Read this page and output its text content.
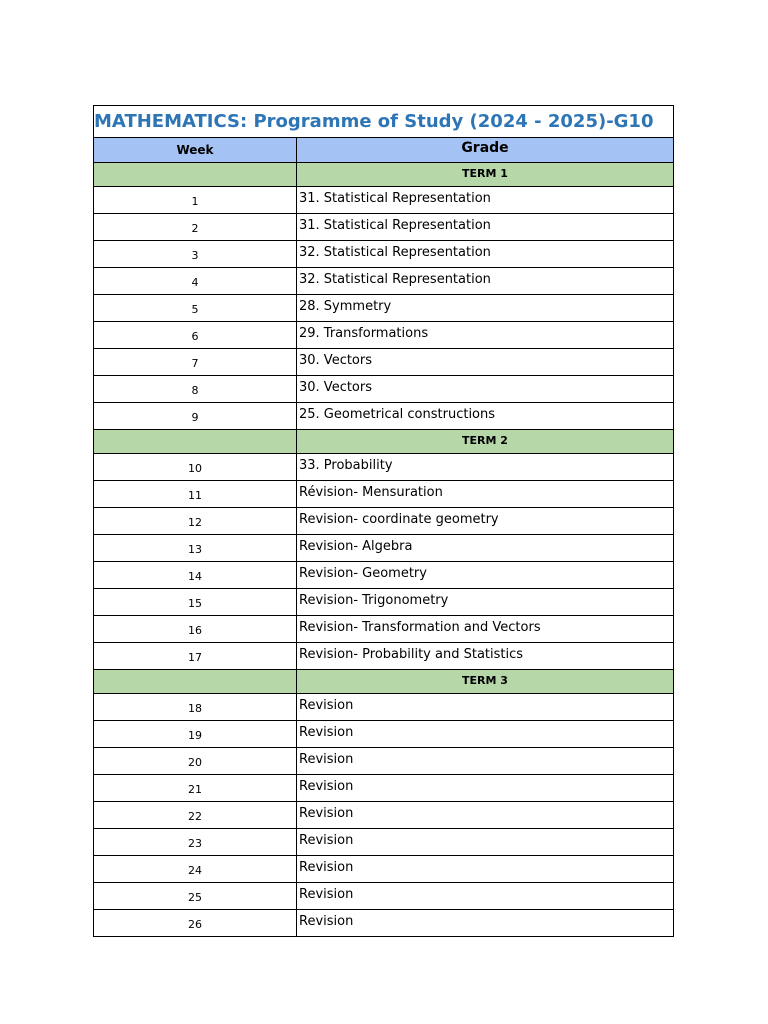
MATHEMATICS: Programme of Study (2024 - 2025)-G10
Week	Grade
TERM 1
1	31. Statistical Representation
2	31. Statistical Representation
3	32. Statistical Representation
4	32. Statistical Representation
5	28. Symmetry
6	29. Transformations
7	30. Vectors
8	30. Vectors
9	25. Geometrical constructions
TERM 2
10	33. Probability
11	Révision- Mensuration
12	Revision- coordinate geometry
13	Revision- Algebra
14	Revision- Geometry
15	Revision- Trigonometry
16	Revision- Transformation and Vectors
17	Revision- Probability and Statistics
TERM 3
18	Revision
19	Revision
20	Revision
21	Revision
22	Revision
23	Revision
24	Revision
25	Revision
26	Revision
